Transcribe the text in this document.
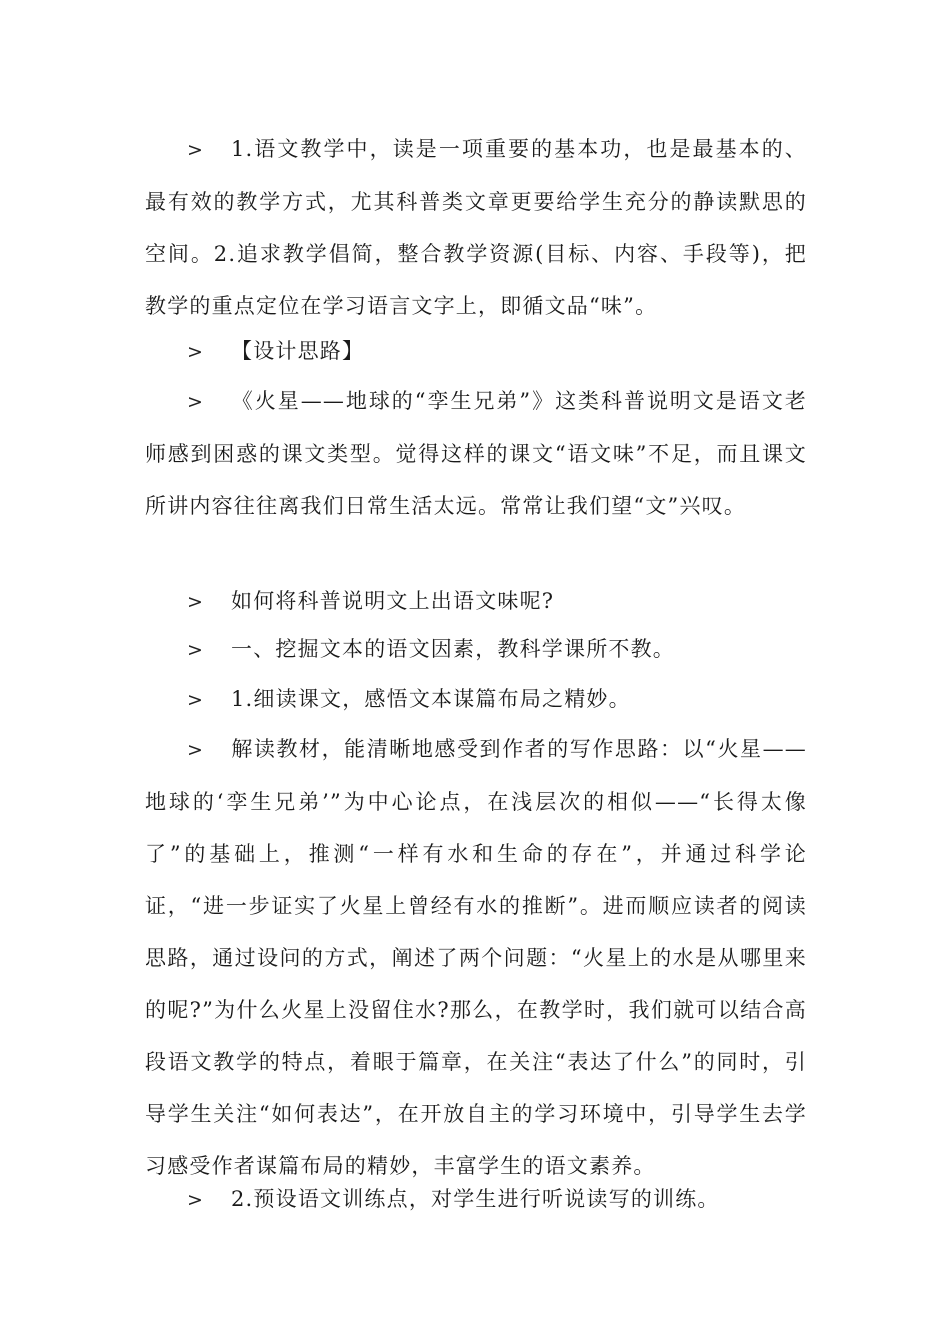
> 1.语文教学中，读是一项重要的基本功，也是最基本的、最有效的教学方式，尤其科普类文章更要给学生充分的静读默思的空间。2.追求教学倡简，整合教学资源(目标、内容、手段等)，把教学的重点定位在学习语言文字上，即循文品“味”。
> 【设计思路】
> 《火星——地球的“孪生兄弟”》这类科普说明文是语文老师感到困惑的课文类型。觉得这样的课文“语文味”不足，而且课文所讲内容往往离我们日常生活太远。常常让我们望“文”兴叹。
> 如何将科普说明文上出语文味呢?
> 一、挖掘文本的语文因素，教科学课所不教。
> 1.细读课文，感悟文本谋篇布局之精妙。
> 解读教材，能清晰地感受到作者的写作思路：以“火星——地球的‘孪生兄弟’”为中心论点，在浅层次的相似——“长得太像了”的基础上，推测“一样有水和生命的存在”，并通过科学论证，“进一步证实了火星上曾经有水的推断”。进而顺应读者的阅读思路，通过设问的方式，阐述了两个问题：“火星上的水是从哪里来的呢?”为什么火星上没留住水?那么，在教学时，我们就可以结合高段语文教学的特点，着眼于篇章，在关注“表达了什么”的同时，引导学生关注“如何表达”，在开放自主的学习环境中，引导学生去学习感受作者谋篇布局的精妙，丰富学生的语文素养。
> 2.预设语文训练点，对学生进行听说读写的训练。
